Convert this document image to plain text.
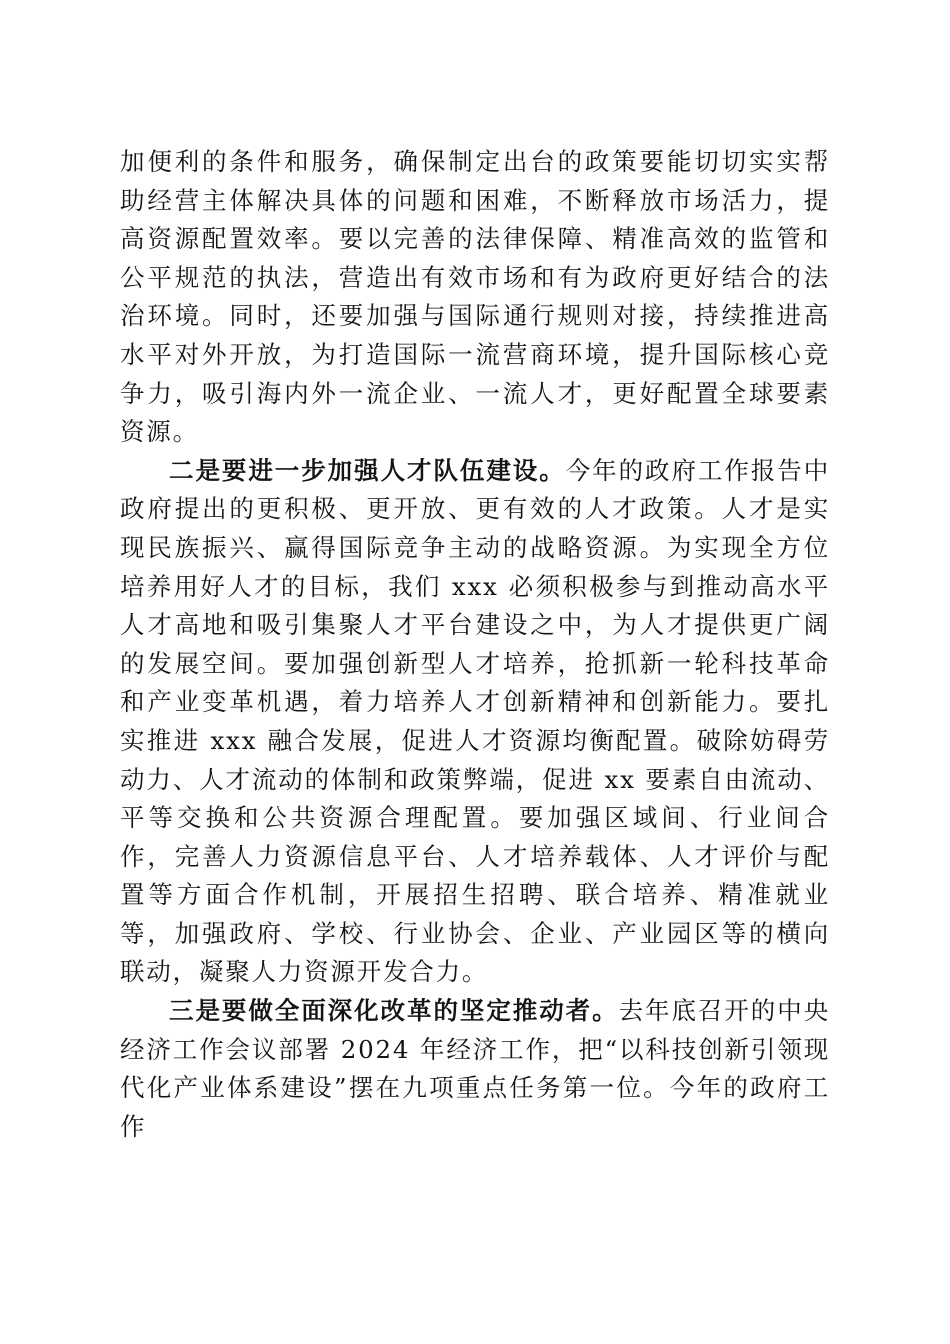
加便利的条件和服务，确保制定出台的政策要能切切实实帮助经营主体解决具体的问题和困难，不断释放市场活力，提高资源配置效率。要以完善的法律保障、精准高效的监管和公平规范的执法，营造出有效市场和有为政府更好结合的法治环境。同时，还要加强与国际通行规则对接，持续推进高水平对外开放，为打造国际一流营商环境，提升国际核心竞争力，吸引海内外一流企业、一流人才，更好配置全球要素资源。

二是要进一步加强人才队伍建设。今年的政府工作报告中政府提出的更积极、更开放、更有效的人才政策。人才是实现民族振兴、赢得国际竞争主动的战略资源。为实现全方位培养用好人才的目标，我们 xxx 必须积极参与到推动高水平人才高地和吸引集聚人才平台建设之中，为人才提供更广阔的发展空间。要加强创新型人才培养，抢抓新一轮科技革命和产业变革机遇，着力培养人才创新精神和创新能力。要扎实推进 xxx 融合发展，促进人才资源均衡配置。破除妨碍劳动力、人才流动的体制和政策弊端，促进 xx 要素自由流动、平等交换和公共资源合理配置。要加强区域间、行业间合作，完善人力资源信息平台、人才培养载体、人才评价与配置等方面合作机制，开展招生招聘、联合培养、精准就业等，加强政府、学校、行业协会、企业、产业园区等的横向联动，凝聚人力资源开发合力。

三是要做全面深化改革的坚定推动者。去年底召开的中央经济工作会议部署 2024 年经济工作，把“以科技创新引领现代化产业体系建设”摆在九项重点任务第一位。今年的政府工作
